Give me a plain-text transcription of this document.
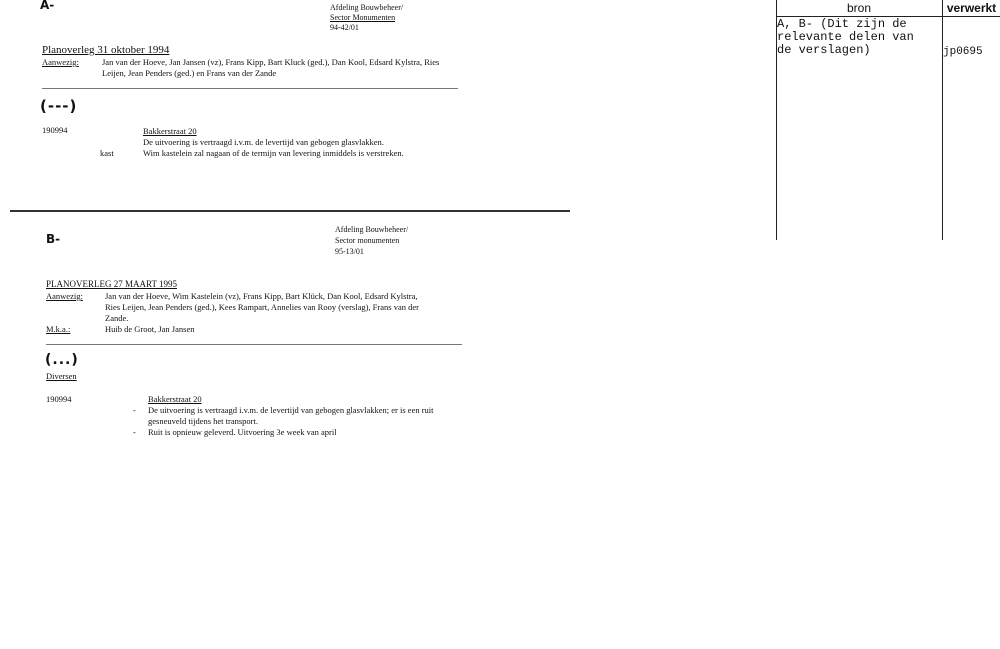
A-	Afdeling Bouwbeheer/
Sector Monumenten
94-42/01
Planoverleg 31 oktober 1994
Aanwezig:	Jan van der Hoeve, Jan Jansen (vz), Frans Kipp, Bart Kluck (ged.), Dan Kool, Edsard Kylstra, Ries
Leijen, Jean Penders (ged.) en Frans van der Zande
(---)
190994	Bakkerstraat 20
De uitvoering is vertraagd i.v.m. de levertijd van gebogen glasvlakken.
kast	Wim kastelein zal nagaan of de termijn van levering inmiddels is verstreken.
B-
Afdeling Bouwbeheer/
Sector monumenten
95-13/01
PLANOVERLEG 27 MAART 1995
Aanwezig:	Jan van der Hoeve, Wim Kastelein (vz), Frans Kipp, Bart Klück, Dan Kool, Edsard Kylstra,
Ries Leijen, Jean Penders (ged.), Kees Rampart, Annelies van Rooy (verslag), Frans van der
Zande.
M.k.a.:	Huib de Groot, Jan Jansen
(...)
Diversen
190994	Bakkerstraat 20
- De uitvoering is vertraagd i.v.m. de levertijd van gebogen glasvlakken; er is een ruit
gesneuveld tijdens het transport.
- Ruit is opnieuw geleverd. Uitvoering 3e week van april
bron	verwerkt
A, B- (Dit zijn de
relevante delen van
de verslagen)	jp0695
